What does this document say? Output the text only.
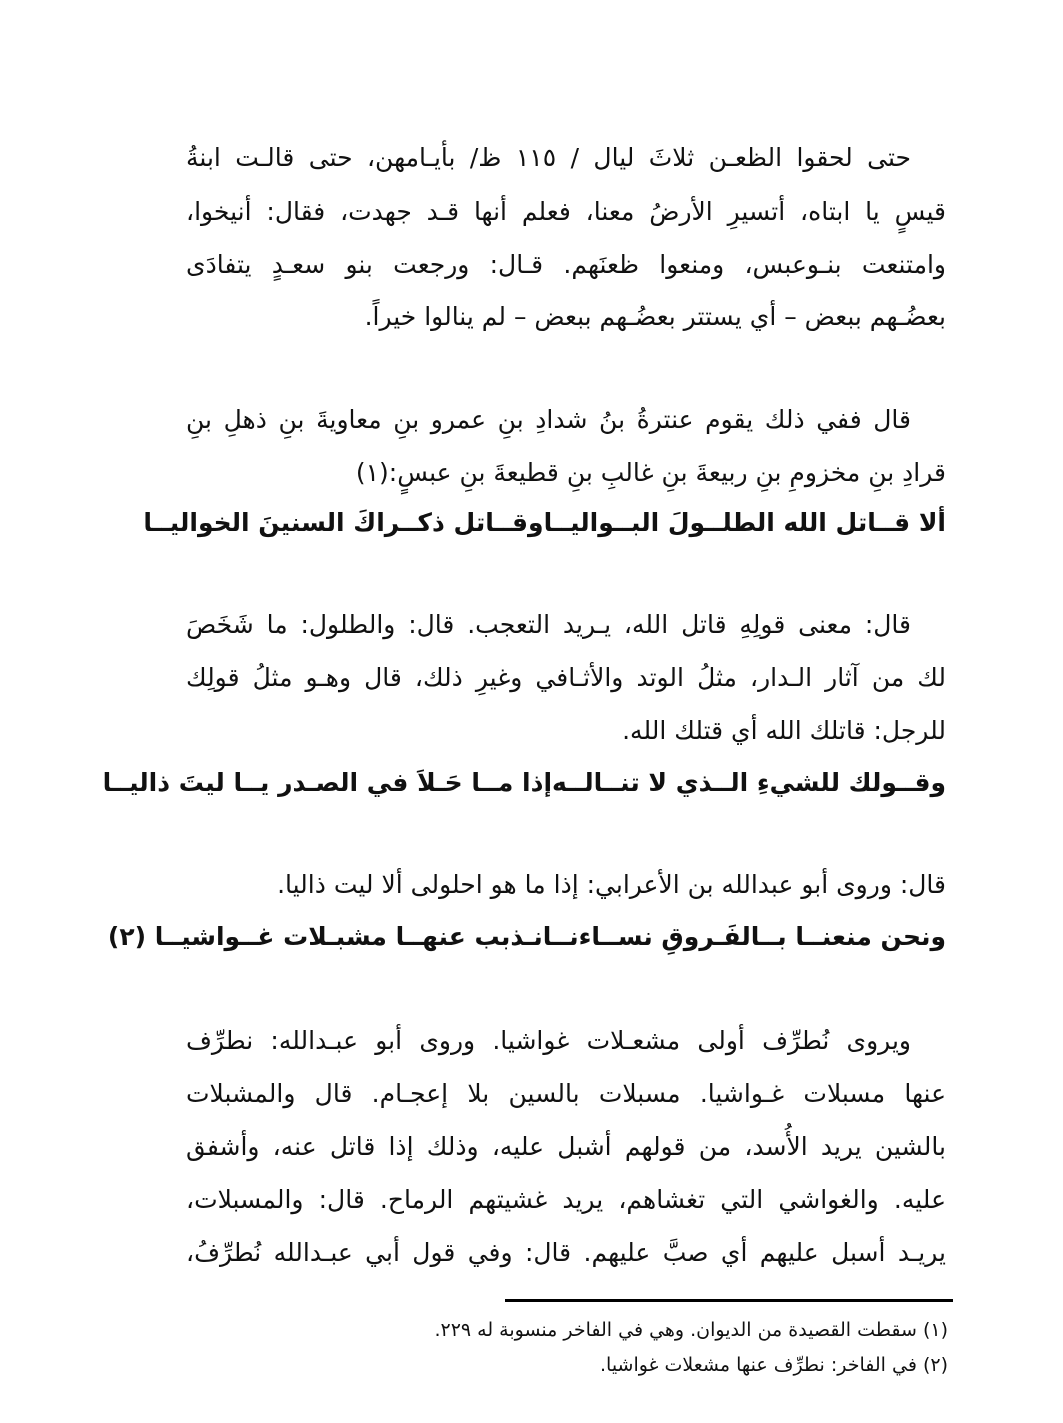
حتى لحقوا الظعـن ثلاثَ ليال / ١١٥ ظ/ بأيـامهن، حتى قالـت ابنةُ
قيسٍ يا ابتاه، أتسيرِ الأرضُ معنا، فعلم أنها قـد جهدت، فقال: أنيخوا،
وامتنعت بنـوعبس، ومنعوا ظعنَهم. قـال: ورجعت بنو سعـدٍ يتفادَى
بعضُـهم ببعض – أي يستتر بعضُـهم ببعض – لم ينالوا خيراً.
قال ففي ذلك يقوم عنترةُ بنُ شدادِ بنِ عمرو بنِ معاويةَ بنِ ذهلِ بنِ
قرادِ بنِ مخزومِ بنِ ربيعةَ بنِ غالبِ بنِ قطيعةَ بنِ عبسٍ:(١)
ألا قــاتل الله الطلــولَ البــواليــا
وقــاتل ذكــراكَ السنينَ الخواليــا
قال: معنى قولِهِ قاتل الله، يـريد التعجب. قال: والطلول: ما شَخَصَ
لك من آثار الـدار، مثلُ الوتد والأثـافي وغيرِ ذلك، قال وهـو مثلُ قولِك
للرجل: قاتلك الله أي قتلك الله.
وقــولك للشيءِ الــذي لا تنــالــه
إذا مــا حَـلاَ في الصـدر يــا ليتَ ذاليــا
قال: وروى أبو عبدالله بن الأعرابي: إذا ما هو احلولى ألا ليت ذاليا.
ونحن منعنــا بــالفَـروقِ نســاءنــا
نـذبب عنهــا مشبـلات غــواشيــا (٢)
ويروى نُطرِّف أولى مشعـلات غواشيا. وروى أبو عبـدالله: نطرِّف
عنها مسبلات غـواشيا. مسبلات بالسين بلا إعجـام. قال والمشبلات
بالشين يريد الأُسد، من قولهم أشبل عليه، وذلك إذا قاتل عنه، وأشفق
عليه. والغواشي التي تغشاهم، يريد غشيتهم الرماح. قال: والمسبلات،
يريـد أسبل عليهم أي صبَّ عليهم. قال: وفي قول أبي عبـدالله نُطرِّفُ،
(١) سقطت القصيدة من الديوان. وهي في الفاخر منسوبة له ٢٢٩.
(٢) في الفاخر: نطرِّف عنها مشعلات غواشيا.
